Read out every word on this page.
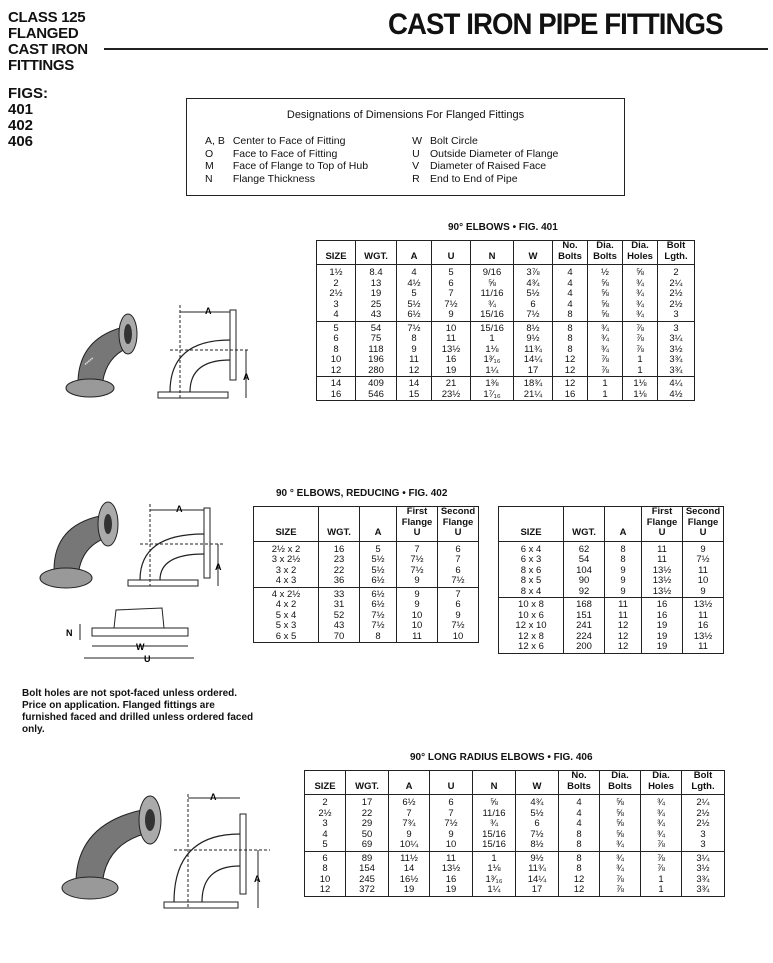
CLASS 125
FLANGED
CAST IRON
FITTINGS
FIGS:
401
402
406
CAST IRON PIPE FITTINGS
Designations of Dimensions For Flanged Fittings
A, B	Center to Face of Fitting	W	Bolt Circle
O	Face to Face of Fitting	U	Outside Diameter of Flange
M	Face of Flange to Top of Hub	V	Diameter of Raised Face
N	Flange Thickness	R	End to End of Pipe
90° ELBOWS • FIG. 401
SIZE	WGT.	A	U	N	W	No. Bolts	Dia. Bolts	Dia. Holes	Bolt Lgth.
1½	8.4	4	5	9/16	3⅞	4	½	⅝	2
2	13	4½	6	⅝	4¾	4	⅝	¾	2¼
2½	19	5	7	11/16	5½	4	⅝	¾	2½
3	25	5½	7½	¾	6	4	⅝	¾	2½
4	43	6½	9	15/16	7½	8	⅝	¾	3
5	54	7½	10	15/16	8½	8	¾	⅞	3
6	75	8	11	1	9½	8	¾	⅞	3¼
8	118	9	13½	1⅛	11¾	8	¾	⅞	3½
10	196	11	16	1³⁄₁₆	14¼	12	⅞	1	3¾
12	280	12	19	1¼	17	12	⅞	1	3¾
14	409	14	21	1⅜	18¾	12	1	1⅛	4¼
16	546	15	23½	1⁷⁄₁₆	21¼	16	1	1⅛	4½
90 ° ELBOWS, REDUCING • FIG. 402
SIZE	WGT.	A	First Flange U	Second Flange U
2½ x 2	16	5	7	6
3 x 2½	23	5½	7½	7
3 x 2	22	5½	7½	6
4 x 3	36	6½	9	7½
4 x 2½	33	6½	9	7
4 x 2	31	6½	9	6
5 x 4	52	7½	10	9
5 x 3	43	7½	10	7½
6 x 5	70	8	11	10
SIZE	WGT.	A	First Flange U	Second Flange U
6 x 4	62	8	11	9
6 x 3	54	8	11	7½
8 x 6	104	9	13½	11
8 x 5	90	9	13½	10
8 x 4	92	9	13½	9
10 x 8	168	11	16	13½
10 x 6	151	11	16	11
12 x 10	241	12	19	16
12 x 8	224	12	19	13½
12 x 6	200	12	19	11
Bolt holes are not spot-faced unless ordered. Price on application. Flanged fittings are furnished faced and drilled unless ordered faced only.
90° LONG RADIUS ELBOWS • FIG. 406
SIZE	WGT.	A	U	N	W	No. Bolts	Dia. Bolts	Dia. Holes	Bolt Lgth.
2	17	6½	6	⅝	4¾	4	⅝	¾	2¼
2½	22	7	7	11/16	5½	4	⅝	¾	2½
3	29	7¾	7½	¾	6	4	⅝	¾	2½
4	50	9	9	15/16	7½	8	⅝	¾	3
5	69	10¼	10	15/16	8½	8	¾	⅞	3
6	89	11½	11	1	9½	8	¾	⅞	3¼
8	154	14	13½	1⅛	11¾	8	¾	⅞	3½
10	245	16½	16	1³⁄₁₆	14¼	12	⅞	1	3¾
12	372	19	19	1¼	17	12	⅞	1	3¾
▪▪▪▪▪
A
A
A
A
W
U
N
A
A
